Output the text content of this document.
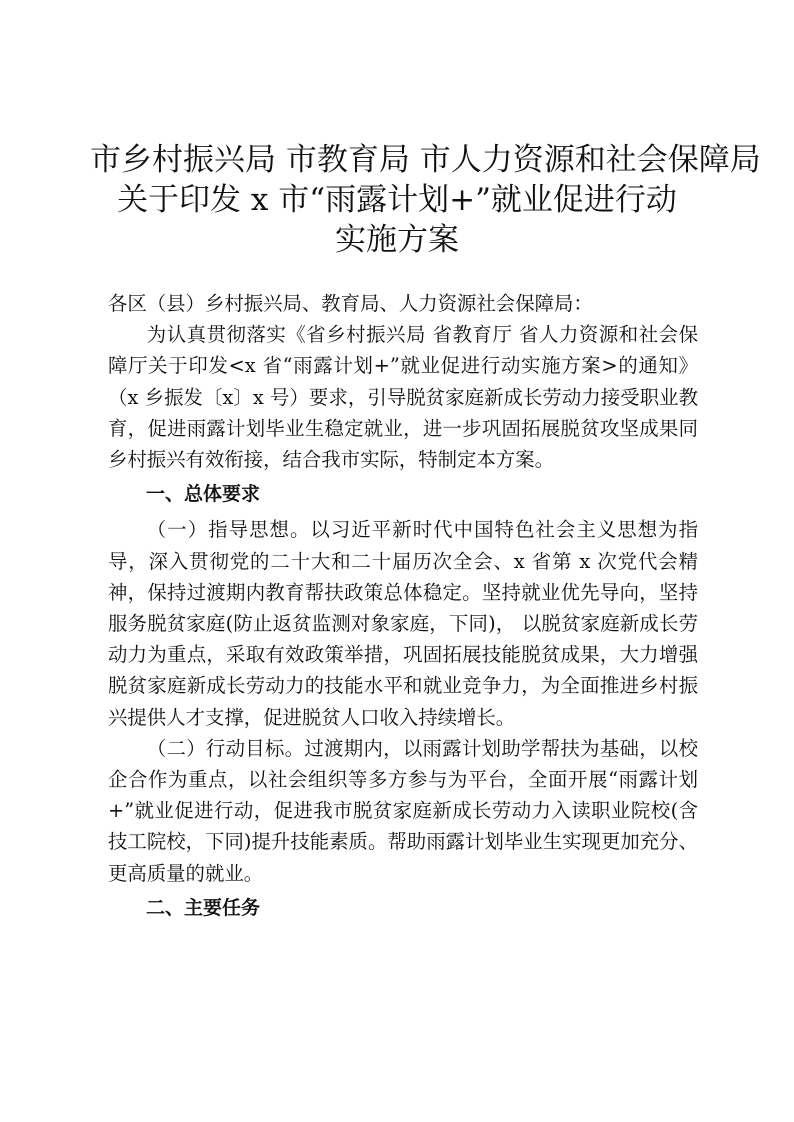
市乡村振兴局 市教育局 市人力资源和社会保障局
关于印发 x 市“雨露计划+”就业促进行动
实施方案

各区（县）乡村振兴局、教育局、人力资源社会保障局：

为认真贯彻落实《省乡村振兴局 省教育厅 省人力资源和社会保障厅关于印发<x 省“雨露计划+”就业促进行动实施方案>的通知》（x 乡振发〔x〕x 号）要求，引导脱贫家庭新成长劳动力接受职业教育，促进雨露计划毕业生稳定就业，进一步巩固拓展脱贫攻坚成果同乡村振兴有效衔接，结合我市实际，特制定本方案。

一、总体要求

（一）指导思想。以习近平新时代中国特色社会主义思想为指导，深入贯彻党的二十大和二十届历次全会、x 省第 x 次党代会精神，保持过渡期内教育帮扶政策总体稳定。坚持就业优先导向，坚持服务脱贫家庭(防止返贫监测对象家庭，下同)， 以脱贫家庭新成长劳动力为重点，采取有效政策举措，巩固拓展技能脱贫成果，大力增强脱贫家庭新成长劳动力的技能水平和就业竞争力，为全面推进乡村振兴提供人才支撑，促进脱贫人口收入持续增长。

（二）行动目标。过渡期内，以雨露计划助学帮扶为基础，以校企合作为重点，以社会组织等多方参与为平台，全面开展“雨露计划+”就业促进行动，促进我市脱贫家庭新成长劳动力入读职业院校(含技工院校，下同)提升技能素质。帮助雨露计划毕业生实现更加充分、更高质量的就业。

二、主要任务
